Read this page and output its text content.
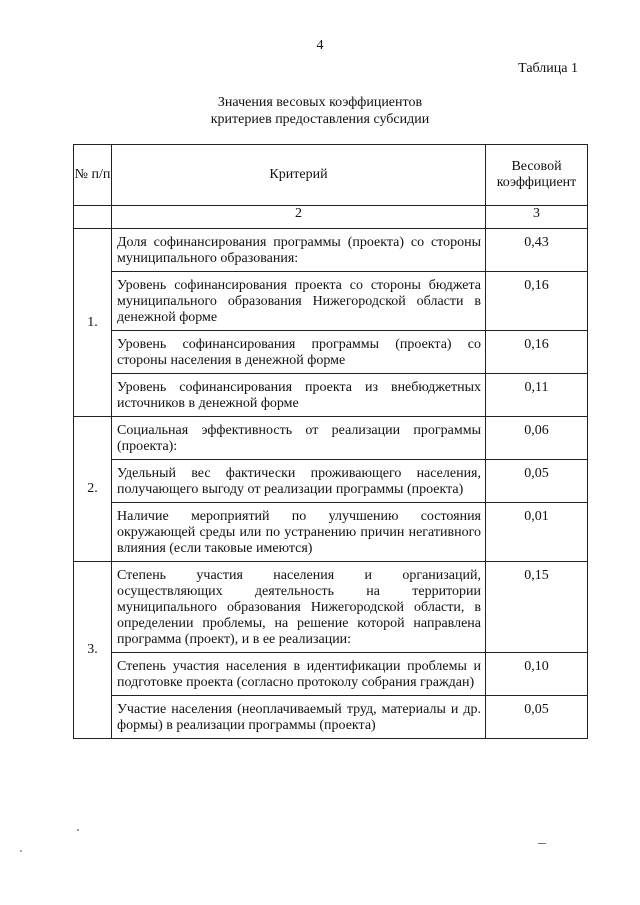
4
Таблица 1
Значения весовых коэффициентов
критериев предоставления субсидии
№ п/п	Критерий	Весовой коэффициент
	2	3
1.	Доля софинансирования программы (проекта) со стороны муниципального образования:	0,43
	Уровень софинансирования проекта со стороны бюджета муниципального образования Нижегородской области в денежной форме	0,16
	Уровень софинансирования программы (проекта) со стороны населения в денежной форме	0,16
	Уровень софинансирования проекта из внебюджетных источников в денежной форме	0,11
2.	Социальная эффективность от реализации программы (проекта):	0,06
	Удельный вес фактически проживающего населения, получающего выгоду от реализации программы (проекта)	0,05
	Наличие мероприятий по улучшению состояния окружающей среды или по устранению причин негативного влияния (если таковые имеются)	0,01
3.	Степень участия населения и организаций, осуществляющих деятельность на территории муниципального образования Нижегородской области, в определении проблемы, на решение которой направлена программа (проект), и в ее реализации:	0,15
	Степень участия населения в идентификации проблемы и подготовке проекта (согласно протоколу собрания граждан)	0,10
	Участие населения (неоплачиваемый труд, материалы и др. формы) в реализации программы (проекта)	0,05
